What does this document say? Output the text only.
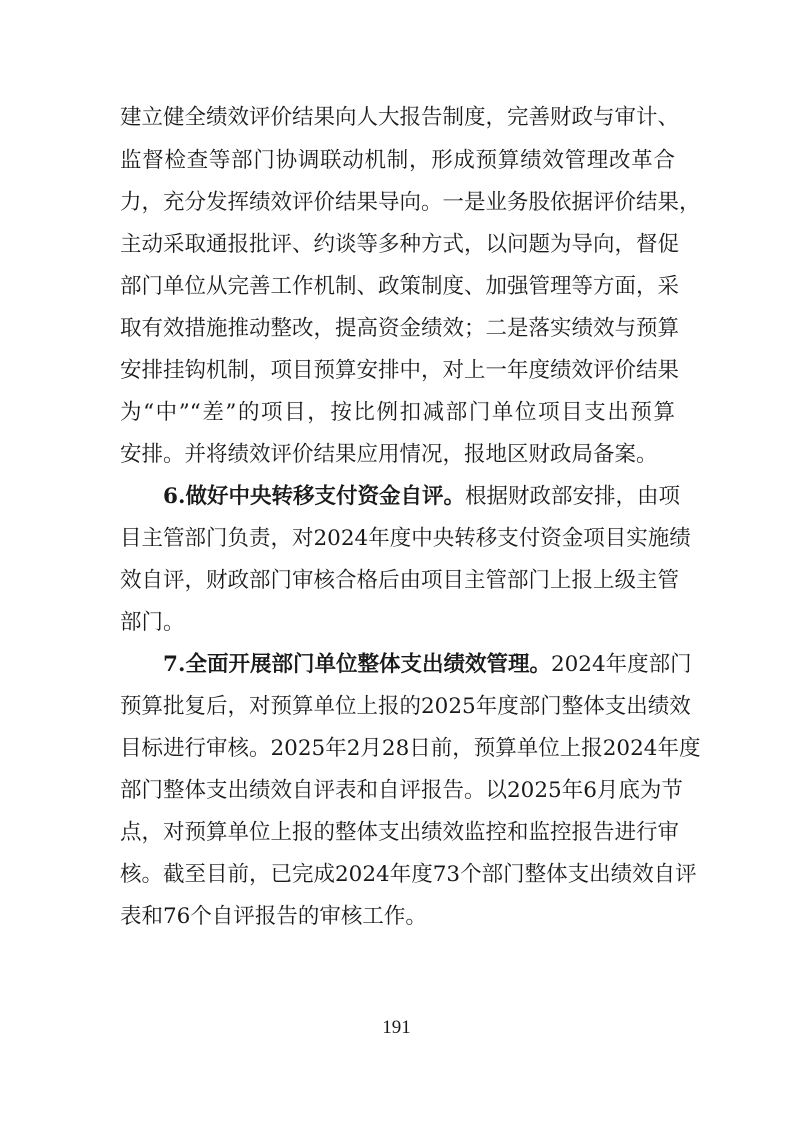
建立健全绩效评价结果向人大报告制度，完善财政与审计、
监督检查等部门协调联动机制，形成预算绩效管理改革合
力，充分发挥绩效评价结果导向。一是业务股依据评价结果，
主动采取通报批评、约谈等多种方式，以问题为导向，督促
部门单位从完善工作机制、政策制度、加强管理等方面，采
取有效措施推动整改，提高资金绩效；二是落实绩效与预算
安排挂钩机制，项目预算安排中，对上一年度绩效评价结果
为“中”“差”的项目，按比例扣减部门单位项目支出预算
安排。并将绩效评价结果应用情况，报地区财政局备案。
6.做好中央转移支付资金自评。根据财政部安排，由项
目主管部门负责，对2024年度中央转移支付资金项目实施绩
效自评，财政部门审核合格后由项目主管部门上报上级主管
部门。
7.全面开展部门单位整体支出绩效管理。2024年度部门
预算批复后，对预算单位上报的2025年度部门整体支出绩效
目标进行审核。2025年2月28日前，预算单位上报2024年度
部门整体支出绩效自评表和自评报告。以2025年6月底为节
点，对预算单位上报的整体支出绩效监控和监控报告进行审
核。截至目前，已完成2024年度73个部门整体支出绩效自评
表和76个自评报告的审核工作。
191
